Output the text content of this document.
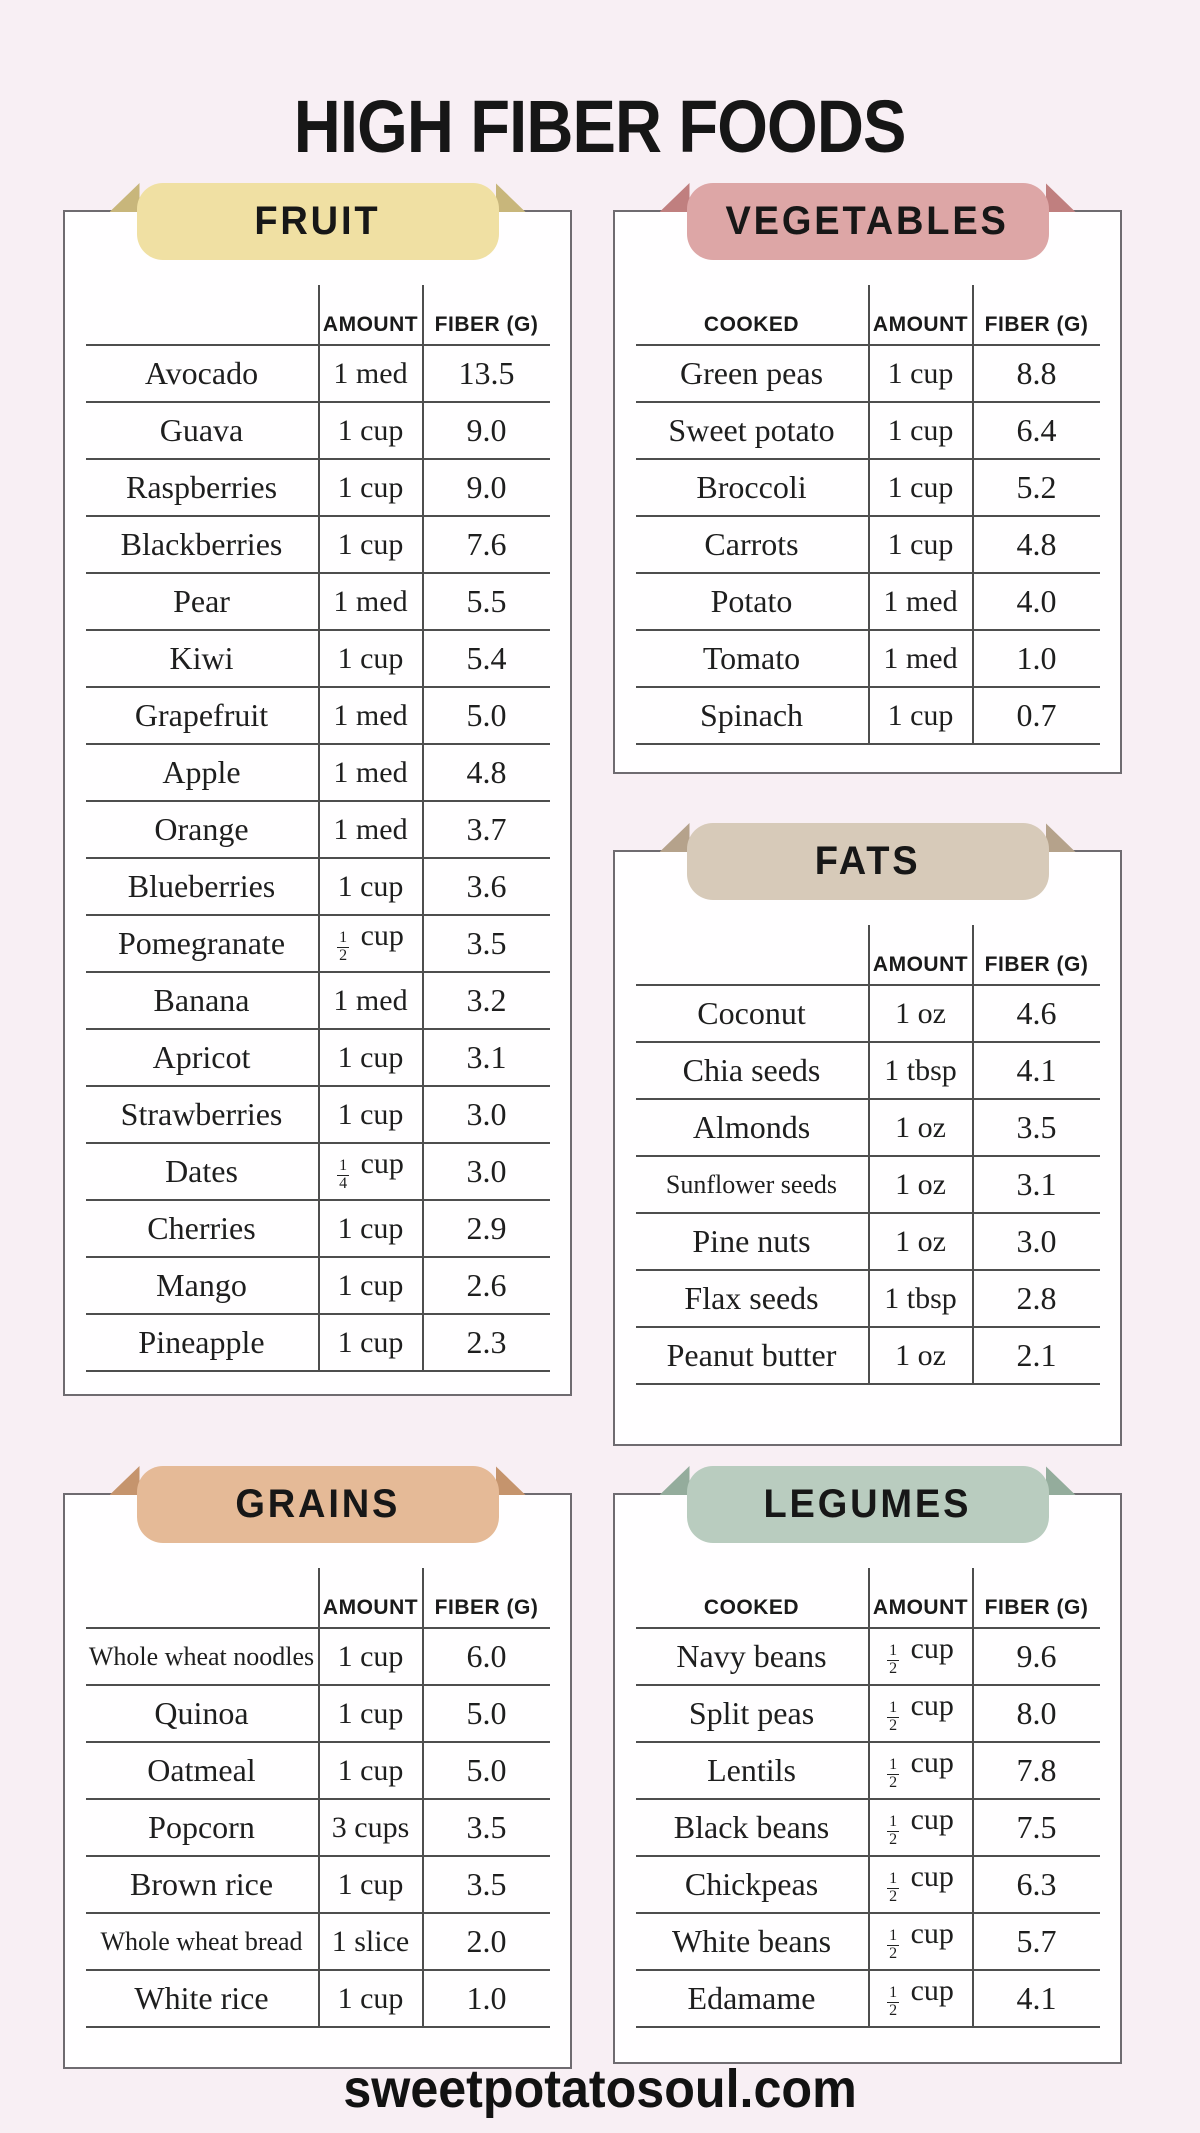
HIGH FIBER FOODS
FRUIT
	AMOUNT	FIBER (G)
Avocado	1 med	13.5
Guava	1 cup	9.0
Raspberries	1 cup	9.0
Blackberries	1 cup	7.6
Pear	1 med	5.5
Kiwi	1 cup	5.4
Grapefruit	1 med	5.0
Apple	1 med	4.8
Orange	1 med	3.7
Blueberries	1 cup	3.6
Pomegranate	$\frac{1}{2}$ cup	3.5
Banana	1 med	3.2
Apricot	1 cup	3.1
Strawberries	1 cup	3.0
Dates	$\frac{1}{4}$ cup	3.0
Cherries	1 cup	2.9
Mango	1 cup	2.6
Pineapple	1 cup	2.3
VEGETABLES
COOKED	AMOUNT	FIBER (G)
Green peas	1 cup	8.8
Sweet potato	1 cup	6.4
Broccoli	1 cup	5.2
Carrots	1 cup	4.8
Potato	1 med	4.0
Tomato	1 med	1.0
Spinach	1 cup	0.7
FATS
	AMOUNT	FIBER (G)
Coconut	1 oz	4.6
Chia seeds	1 tbsp	4.1
Almonds	1 oz	3.5
Sunflower seeds	1 oz	3.1
Pine nuts	1 oz	3.0
Flax seeds	1 tbsp	2.8
Peanut butter	1 oz	2.1
GRAINS
	AMOUNT	FIBER (G)
Whole wheat noodles	1 cup	6.0
Quinoa	1 cup	5.0
Oatmeal	1 cup	5.0
Popcorn	3 cups	3.5
Brown rice	1 cup	3.5
Whole wheat bread	1 slice	2.0
White rice	1 cup	1.0
LEGUMES
COOKED	AMOUNT	FIBER (G)
Navy beans	$\frac{1}{2}$ cup	9.6
Split peas	$\frac{1}{2}$ cup	8.0
Lentils	$\frac{1}{2}$ cup	7.8
Black beans	$\frac{1}{2}$ cup	7.5
Chickpeas	$\frac{1}{2}$ cup	6.3
White beans	$\frac{1}{2}$ cup	5.7
Edamame	$\frac{1}{2}$ cup	4.1
sweetpotatosoul.com
